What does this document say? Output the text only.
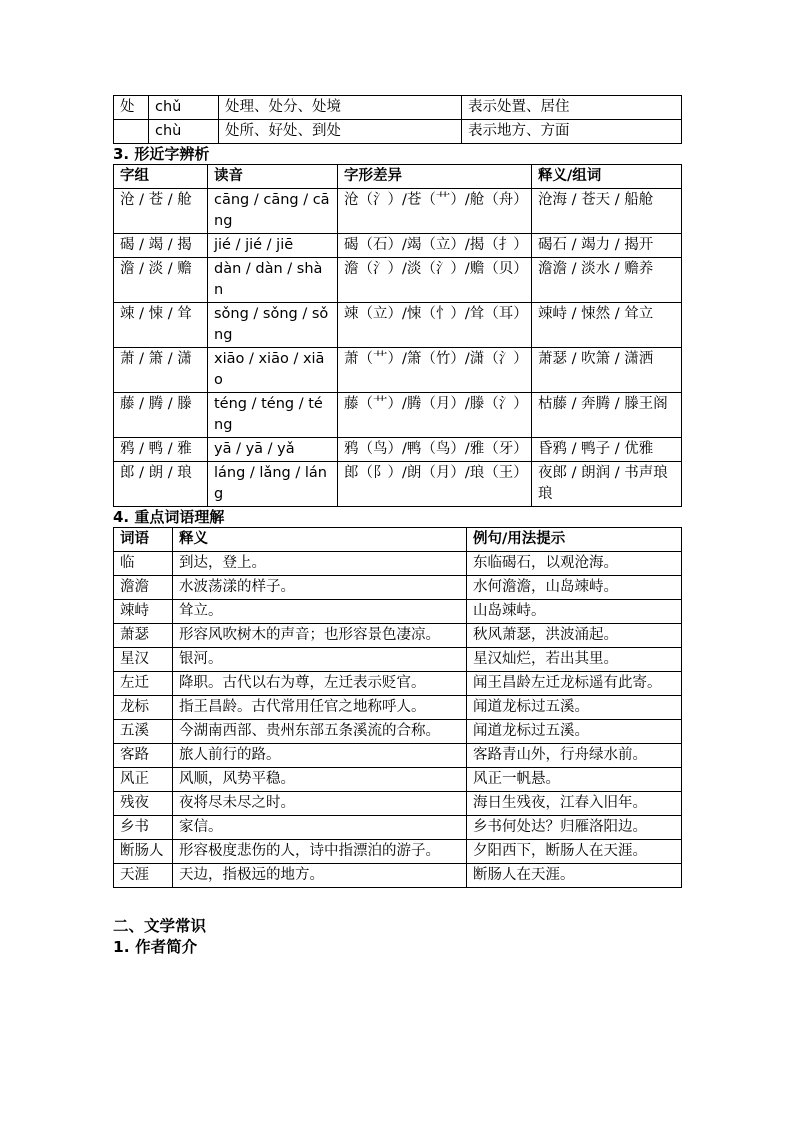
处	chǔ	处理、处分、处境	表示处置、居住
	chù	处所、好处、到处	表示地方、方面
3. 形近字辨析
字组	读音	字形差异	释义/组词
沧 / 苍 / 舱	cāng / cāng / cāng	沧（氵）/苍（艹）/舱（舟）	沧海 / 苍天 / 船舱
碣 / 竭 / 揭	jié / jié / jiē	碣（石）/竭（立）/揭（扌）	碣石 / 竭力 / 揭开
澹 / 淡 / 赡	dàn / dàn / shàn	澹（氵）/淡（氵）/赡（贝）	澹澹 / 淡水 / 赡养
竦 / 悚 / 耸	sǒng / sǒng / sǒng	竦（立）/悚（忄）/耸（耳）	竦峙 / 悚然 / 耸立
萧 / 箫 / 潇	xiāo / xiāo / xiāo	萧（艹）/箫（竹）/潇（氵）	萧瑟 / 吹箫 / 潇洒
藤 / 腾 / 滕	téng / téng / téng	藤（艹）/腾（月）/滕（氵）	枯藤 / 奔腾 / 滕王阁
鸦 / 鸭 / 雅	yā / yā / yǎ	鸦（鸟）/鸭（鸟）/雅（牙）	昏鸦 / 鸭子 / 优雅
郎 / 朗 / 琅	láng / lǎng / láng	郎（阝）/朗（月）/琅（王）	夜郎 / 朗润 / 书声琅琅
4. 重点词语理解
词语	释义	例句/用法提示
临	到达，登上。	东临碣石，以观沧海。
澹澹	水波荡漾的样子。	水何澹澹，山岛竦峙。
竦峙	耸立。	山岛竦峙。
萧瑟	形容风吹树木的声音；也形容景色凄凉。	秋风萧瑟，洪波涌起。
星汉	银河。	星汉灿烂，若出其里。
左迁	降职。古代以右为尊，左迁表示贬官。	闻王昌龄左迁龙标遥有此寄。
龙标	指王昌龄。古代常用任官之地称呼人。	闻道龙标过五溪。
五溪	今湖南西部、贵州东部五条溪流的合称。	闻道龙标过五溪。
客路	旅人前行的路。	客路青山外，行舟绿水前。
风正	风顺，风势平稳。	风正一帆悬。
残夜	夜将尽未尽之时。	海日生残夜，江春入旧年。
乡书	家信。	乡书何处达？归雁洛阳边。
断肠人	形容极度悲伤的人，诗中指漂泊的游子。	夕阳西下，断肠人在天涯。
天涯	天边，指极远的地方。	断肠人在天涯。
二、文学常识
1. 作者简介
